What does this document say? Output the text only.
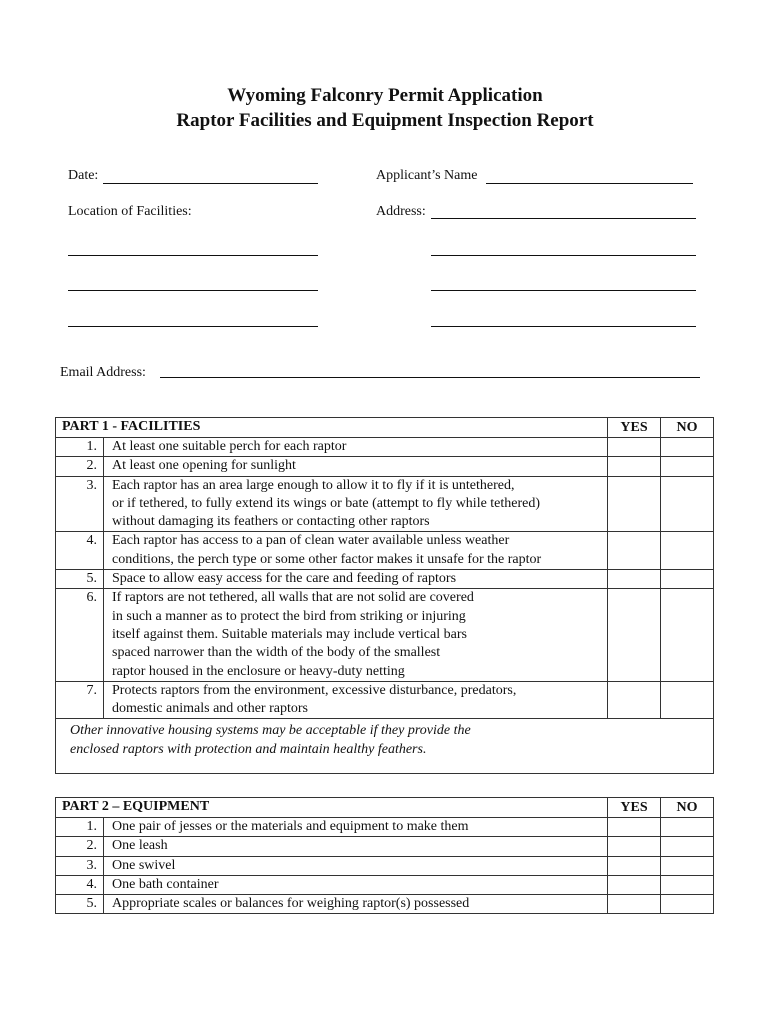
Wyoming Falconry Permit Application
Raptor Facilities and Equipment Inspection Report
Date:	Applicant’s Name
Location of Facilities:	Address:
Email Address:
PART 1 - FACILITIES		YES	NO
1.	At least one suitable perch for each raptor		

2.	At least one opening for sunlight		

3.	Each raptor has an area large enough to allow it to fly if it is untethered,
or if tethered, to fully extend its wings or bate (attempt to fly while tethered)
without damaging its feathers or contacting other raptors		

4.	Each raptor has access to a pan of clean water available unless weather
conditions, the perch type or some other factor makes it unsafe for the raptor		

5.	Space to allow easy access for the care and feeding of raptors		

6.	If raptors are not tethered, all walls that are not solid are covered
in such a manner as to protect the bird from striking or injuring
itself against them. Suitable materials may include vertical bars
spaced narrower than the width of the body of the smallest
raptor housed in the enclosure or heavy-duty netting		

7.	Protects raptors from the environment, excessive disturbance, predators,
domestic animals and other raptors		

Other innovative housing systems may be acceptable if they provide the
enclosed raptors with protection and maintain healthy feathers.			
PART 2 – EQUIPMENT		YES	NO
1.	One pair of jesses or the materials and equipment to make them		

2.	One leash		

3.	One swivel		

4.	One bath container		

5.	Appropriate scales or balances for weighing raptor(s) possessed		
